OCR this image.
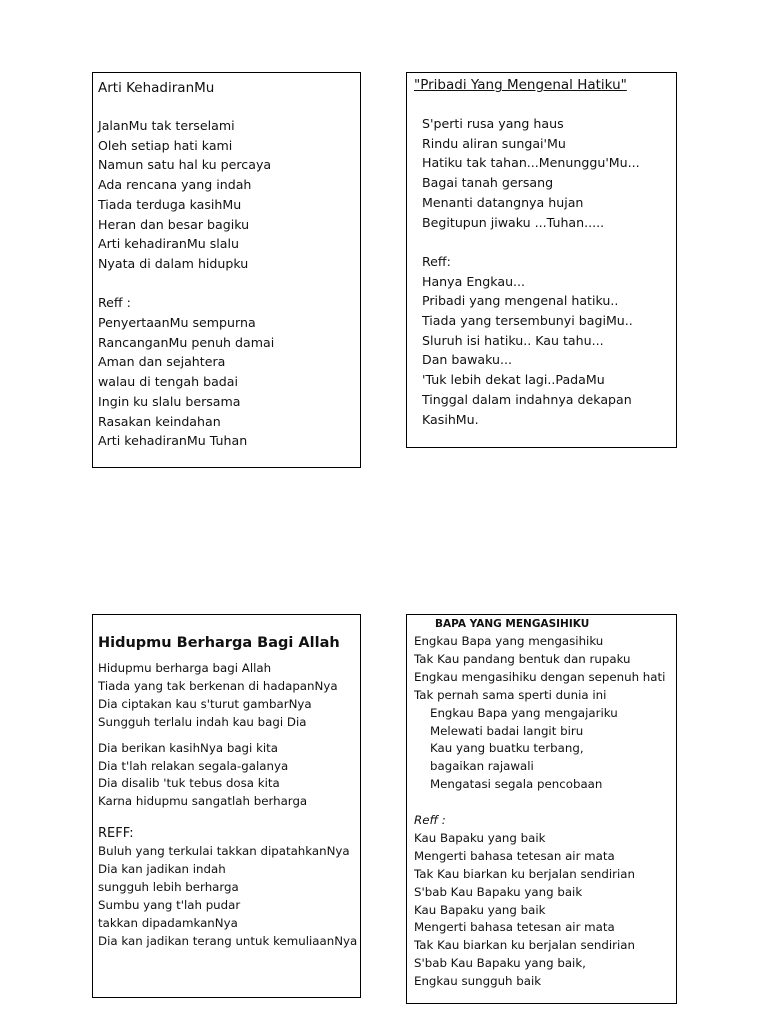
Arti KehadiranMu
JalanMu tak terselami
Oleh setiap hati kami
Namun satu hal ku percaya
Ada rencana yang indah
Tiada terduga kasihMu
Heran dan besar bagiku
Arti kehadiranMu slalu
Nyata di dalam hidupku
Reff :
PenyertaanMu sempurna
RancanganMu penuh damai
Aman dan sejahtera
walau di tengah badai
Ingin ku slalu bersama
Rasakan keindahan
Arti kehadiranMu Tuhan
"Pribadi Yang Mengenal Hatiku"
S'perti rusa yang haus
Rindu aliran sungai'Mu
Hatiku tak tahan...Menunggu'Mu...
Bagai tanah gersang
Menanti datangnya hujan
Begitupun jiwaku ...Tuhan.....
Reff:
Hanya Engkau...
Pribadi yang mengenal hatiku..
Tiada yang tersembunyi bagiMu..
Sluruh isi hatiku.. Kau tahu...
Dan bawaku...
'Tuk lebih dekat lagi..PadaMu
Tinggal dalam indahnya dekapan
KasihMu.
Hidupmu Berharga Bagi Allah
Hidupmu berharga bagi Allah
Tiada yang tak berkenan di hadapanNya
Dia ciptakan kau s'turut gambarNya
Sungguh terlalu indah kau bagi Dia
Dia berikan kasihNya bagi kita
Dia t'lah relakan segala-galanya
Dia disalib 'tuk tebus dosa kita
Karna hidupmu sangatlah berharga
REFF:
Buluh yang terkulai takkan dipatahkanNya
Dia kan jadikan indah
sungguh lebih berharga
Sumbu yang t'lah pudar
takkan dipadamkanNya
Dia kan jadikan terang untuk kemuliaanNya
BAPA YANG MENGASIHIKU
Engkau Bapa yang mengasihiku
Tak Kau pandang bentuk dan rupaku
Engkau mengasihiku dengan sepenuh hati
Tak pernah sama sperti dunia ini
Engkau Bapa yang mengajariku
Melewati badai langit biru
Kau yang buatku terbang,
bagaikan rajawali
Mengatasi segala pencobaan
Reff :
Kau Bapaku yang baik
Mengerti bahasa tetesan air mata
Tak Kau biarkan ku berjalan sendirian
S'bab Kau Bapaku yang baik
Kau Bapaku yang baik
Mengerti bahasa tetesan air mata
Tak Kau biarkan ku berjalan sendirian
S'bab Kau Bapaku yang baik,
Engkau sungguh baik
